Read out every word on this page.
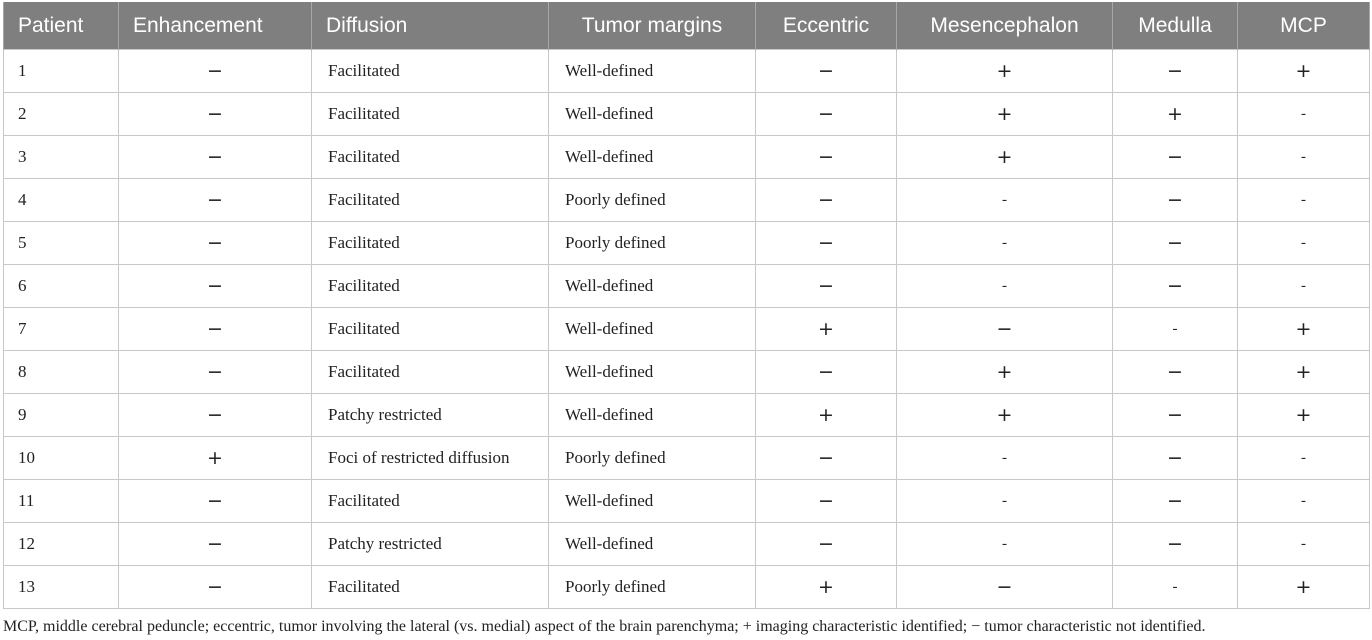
Patient	Enhancement	Diffusion	Tumor margins	Eccentric	Mesencephalon	Medulla	MCP
1	−	Facilitated	Well-defined	−	+	−	+
2	−	Facilitated	Well-defined	−	+	+	-
3	−	Facilitated	Well-defined	−	+	−	-
4	−	Facilitated	Poorly defined	−	-	−	-
5	−	Facilitated	Poorly defined	−	-	−	-
6	−	Facilitated	Well-defined	−	-	−	-
7	−	Facilitated	Well-defined	+	−	-	+
8	−	Facilitated	Well-defined	−	+	−	+
9	−	Patchy restricted	Well-defined	+	+	−	+
10	+	Foci of restricted diffusion	Poorly defined	−	-	−	-
11	−	Facilitated	Well-defined	−	-	−	-
12	−	Patchy restricted	Well-defined	−	-	−	-
13	−	Facilitated	Poorly defined	+	−	-	+
MCP, middle cerebral peduncle; eccentric, tumor involving the lateral (vs. medial) aspect of the brain parenchyma; + imaging characteristic identified; − tumor characteristic not identified.
